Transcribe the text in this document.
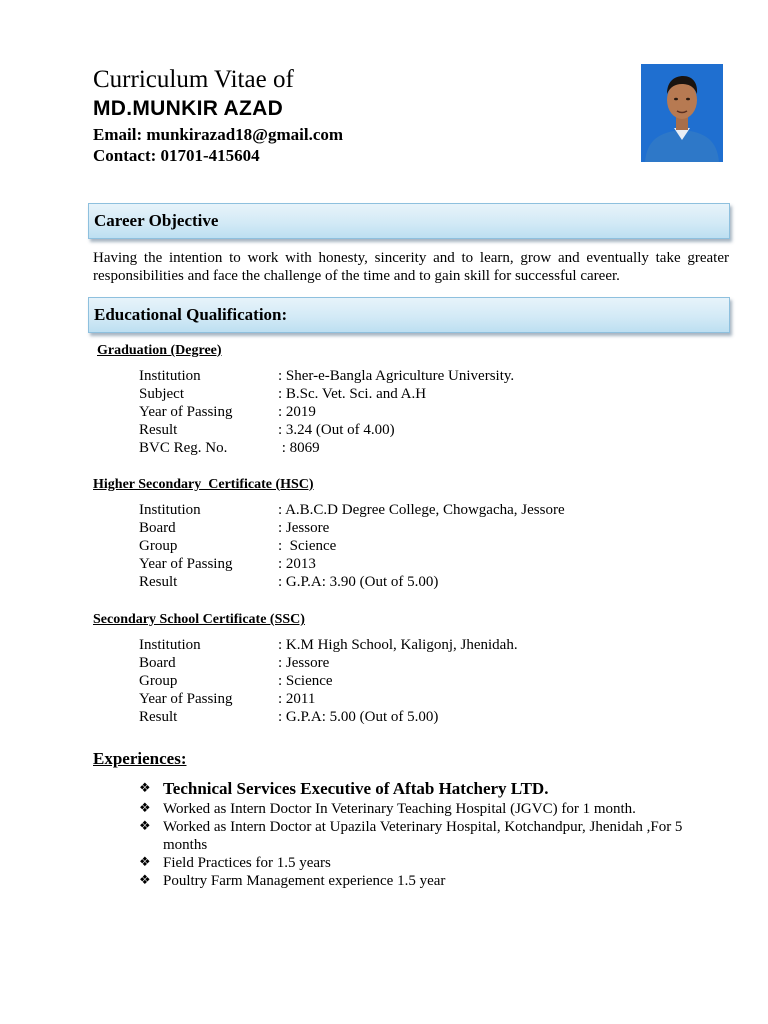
Curriculum Vitae of
MD.MUNKIR AZAD
Email: munkirazad18@gmail.com
Contact: 01701-415604
Career Objective
Having the intention to work with honesty, sincerity and to learn, grow and eventually take greater responsibilities and face the challenge of the time and to gain skill for successful career.
Educational Qualification:
Graduation (Degree)
Institution	: Sher-e-Bangla Agriculture University.
Subject	: B.Sc. Vet. Sci. and A.H
Year of Passing	: 2019
Result	: 3.24 (Out of 4.00)
BVC Reg. No.	: 8069
Higher Secondary  Certificate (HSC)
Institution	: A.B.C.D Degree College, Chowgacha, Jessore
Board	: Jessore
Group	:  Science
Year of Passing	: 2013
Result	: G.P.A: 3.90 (Out of 5.00)
Secondary School Certificate (SSC)
Institution	: K.M High School, Kaligonj, Jhenidah.
Board	: Jessore
Group	: Science
Year of Passing	: 2011
Result	: G.P.A: 5.00 (Out of 5.00)
Experiences:
❖ Technical Services Executive of Aftab Hatchery LTD.
❖ Worked as Intern Doctor In Veterinary Teaching Hospital (JGVC) for 1 month.
❖ Worked as Intern Doctor at Upazila Veterinary Hospital, Kotchandpur, Jhenidah ,For 5 months
❖ Field Practices for 1.5 years
❖ Poultry Farm Management experience 1.5 year
